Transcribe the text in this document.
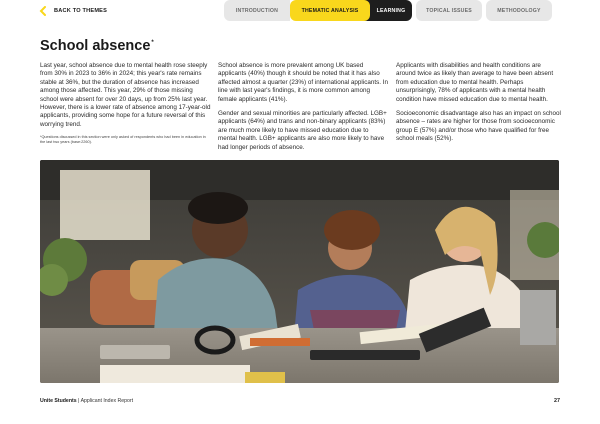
BACK TO THEMES	INTRODUCTION	THEMATIC ANALYSIS	LEARNING	TOPICAL ISSUES	METHODOLOGY
School absence*

Last year, school absence due to mental health rose steeply from 30% in 2023 to 36% in 2024; this year's rate remains stable at 36%, but the duration of absence has increased among those affected. This year, 29% of those missing school were absent for over 20 days, up from 25% last year. However, there is a lower rate of absence among 17-year-old applicants, providing some hope for a future reversal of this worrying trend.

*Questions discussed in this section were only asked of respondents who had been in education in the last two years (base:2260).

School absence is more prevalent among UK based applicants (40%) though it should be noted that it has also affected almost a quarter (23%) of international applicants. In line with last year's findings, it is more common among female applicants (41%).

Gender and sexual minorities are particularly affected. LGB+ applicants (64%) and trans and non-binary applicants (83%) are much more likely to have missed education due to mental health. LGB+ applicants are also more likely to have had longer periods of absence.

Applicants with disabilities and health conditions are around twice as likely than average to have been absent from education due to mental health. Perhaps unsurprisingly, 78% of applicants with a mental health condition have missed education due to mental health.

Socioeconomic disadvantage also has an impact on school absence – rates are higher for those from socioeconomic group E (57%) and/or those who have qualified for free school meals (52%).

Unite Students | Applicant Index Report	27
